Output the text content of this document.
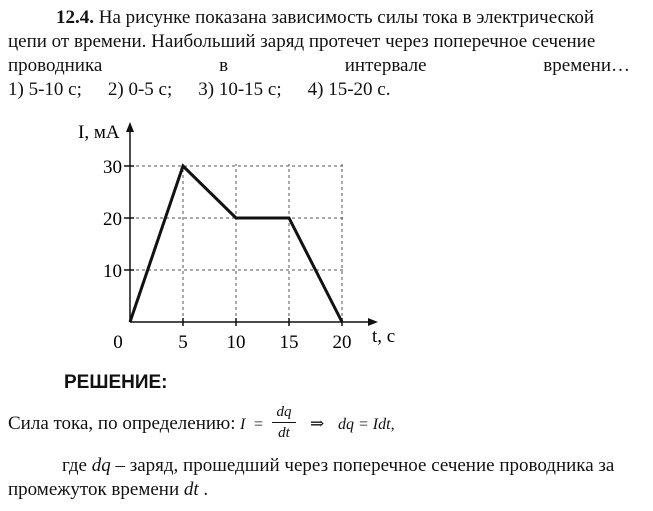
12.4. На рисунке показана зависимость силы тока в электрической
цепи от времени. Наибольший заряд протечет через поперечное сечение
проводника	в	интервале	времени…
1) 5-10 с; 2) 0-5 с; 3) 10-15 с; 4) 15-20 с.
5 10 15 20
10
20
30
I, мА
t, с
0
РЕШЕНИЕ:
Сила тока, по определению: $I = \frac{dq}{dt}$ ⇒ dq = Idt,
где dq – заряд, прошедший через поперечное сечение проводника за
промежуток времени dt .
